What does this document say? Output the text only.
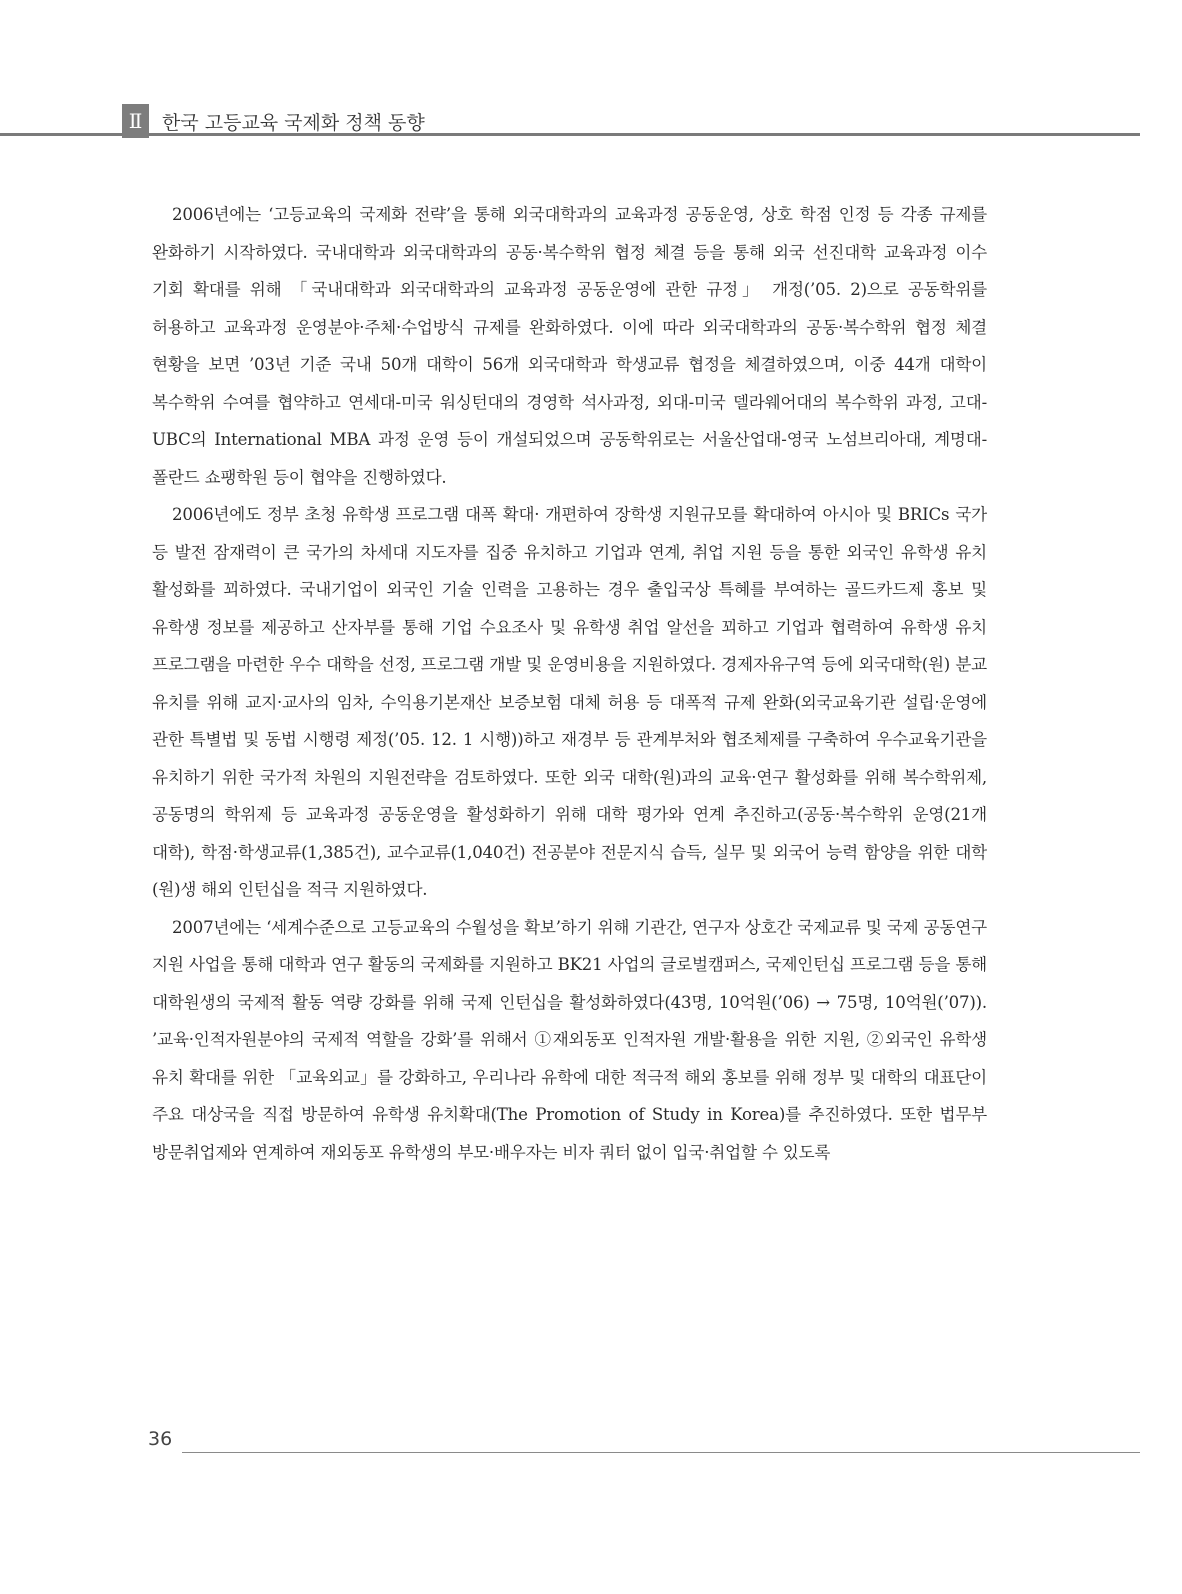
Ⅱ	한국 고등교육 국제화 정책 동향

2006년에는 ‘고등교육의 국제화 전략’을 통해 외국대학과의 교육과정 공동운영, 상호 학점 인정 등 각종 규제를 완화하기 시작하였다. 국내대학과 외국대학과의 공동·복수학위 협정 체결 등을 통해 외국 선진대학 교육과정 이수 기회 확대를 위해 「국내대학과 외국대학과의 교육과정 공동운영에 관한 규정」 개정(’05. 2)으로 공동학위를 허용하고 교육과정 운영분야·주체·수업방식 규제를 완화하였다. 이에 따라 외국대학과의 공동·복수학위 협정 체결 현황을 보면 ’03년 기준 국내 50개 대학이 56개 외국대학과 학생교류 협정을 체결하였으며, 이중 44개 대학이 복수학위 수여를 협약하고 연세대-미국 워싱턴대의 경영학 석사과정, 외대-미국 델라웨어대의 복수학위 과정, 고대-UBC의 International MBA 과정 운영 등이 개설되었으며 공동학위로는 서울산업대-영국 노섬브리아대, 계명대-폴란드 쇼팽학원 등이 협약을 진행하였다.

2006년에도 정부 초청 유학생 프로그램 대폭 확대· 개편하여 장학생 지원규모를 확대하여 아시아 및 BRICs 국가 등 발전 잠재력이 큰 국가의 차세대 지도자를 집중 유치하고 기업과 연계, 취업 지원 등을 통한 외국인 유학생 유치 활성화를 꾀하였다. 국내기업이 외국인 기술 인력을 고용하는 경우 출입국상 특혜를 부여하는 골드카드제 홍보 및 유학생 정보를 제공하고 산자부를 통해 기업 수요조사 및 유학생 취업 알선을 꾀하고 기업과 협력하여 유학생 유치 프로그램을 마련한 우수 대학을 선정, 프로그램 개발 및 운영비용을 지원하였다. 경제자유구역 등에 외국대학(원) 분교 유치를 위해 교지·교사의 임차, 수익용기본재산 보증보험 대체 허용 등 대폭적 규제 완화(외국교육기관 설립·운영에 관한 특별법 및 동법 시행령 제정(’05. 12. 1 시행))하고 재경부 등 관계부처와 협조체제를 구축하여 우수교육기관을 유치하기 위한 국가적 차원의 지원전략을 검토하였다. 또한 외국 대학(원)과의 교육·연구 활성화를 위해 복수학위제, 공동명의 학위제 등 교육과정 공동운영을 활성화하기 위해 대학 평가와 연계 추진하고(공동·복수학위 운영(21개 대학), 학점·학생교류(1,385건), 교수교류(1,040건) 전공분야 전문지식 습득, 실무 및 외국어 능력 함양을 위한 대학(원)생 해외 인턴십을 적극 지원하였다.

2007년에는 ‘세계수준으로 고등교육의 수월성을 확보’하기 위해 기관간, 연구자 상호간 국제교류 및 국제 공동연구 지원 사업을 통해 대학과 연구 활동의 국제화를 지원하고 BK21 사업의 글로벌캠퍼스, 국제인턴십 프로그램 등을 통해 대학원생의 국제적 활동 역량 강화를 위해 국제 인턴십을 활성화하였다(43명, 10억원(’06) → 75명, 10억원(’07)). ’교육·인적자원분야의 국제적 역할을 강화’를 위해서 ①재외동포 인적자원 개발·활용을 위한 지원, ②외국인 유학생 유치 확대를 위한 「교육외교」를 강화하고, 우리나라 유학에 대한 적극적 해외 홍보를 위해 정부 및 대학의 대표단이 주요 대상국을 직접 방문하여 유학생 유치확대(The Promotion of Study in Korea)를 추진하였다. 또한 법무부 방문취업제와 연계하여 재외동포 유학생의 부모·배우자는 비자 쿼터 없이 입국·취업할 수 있도록

36
